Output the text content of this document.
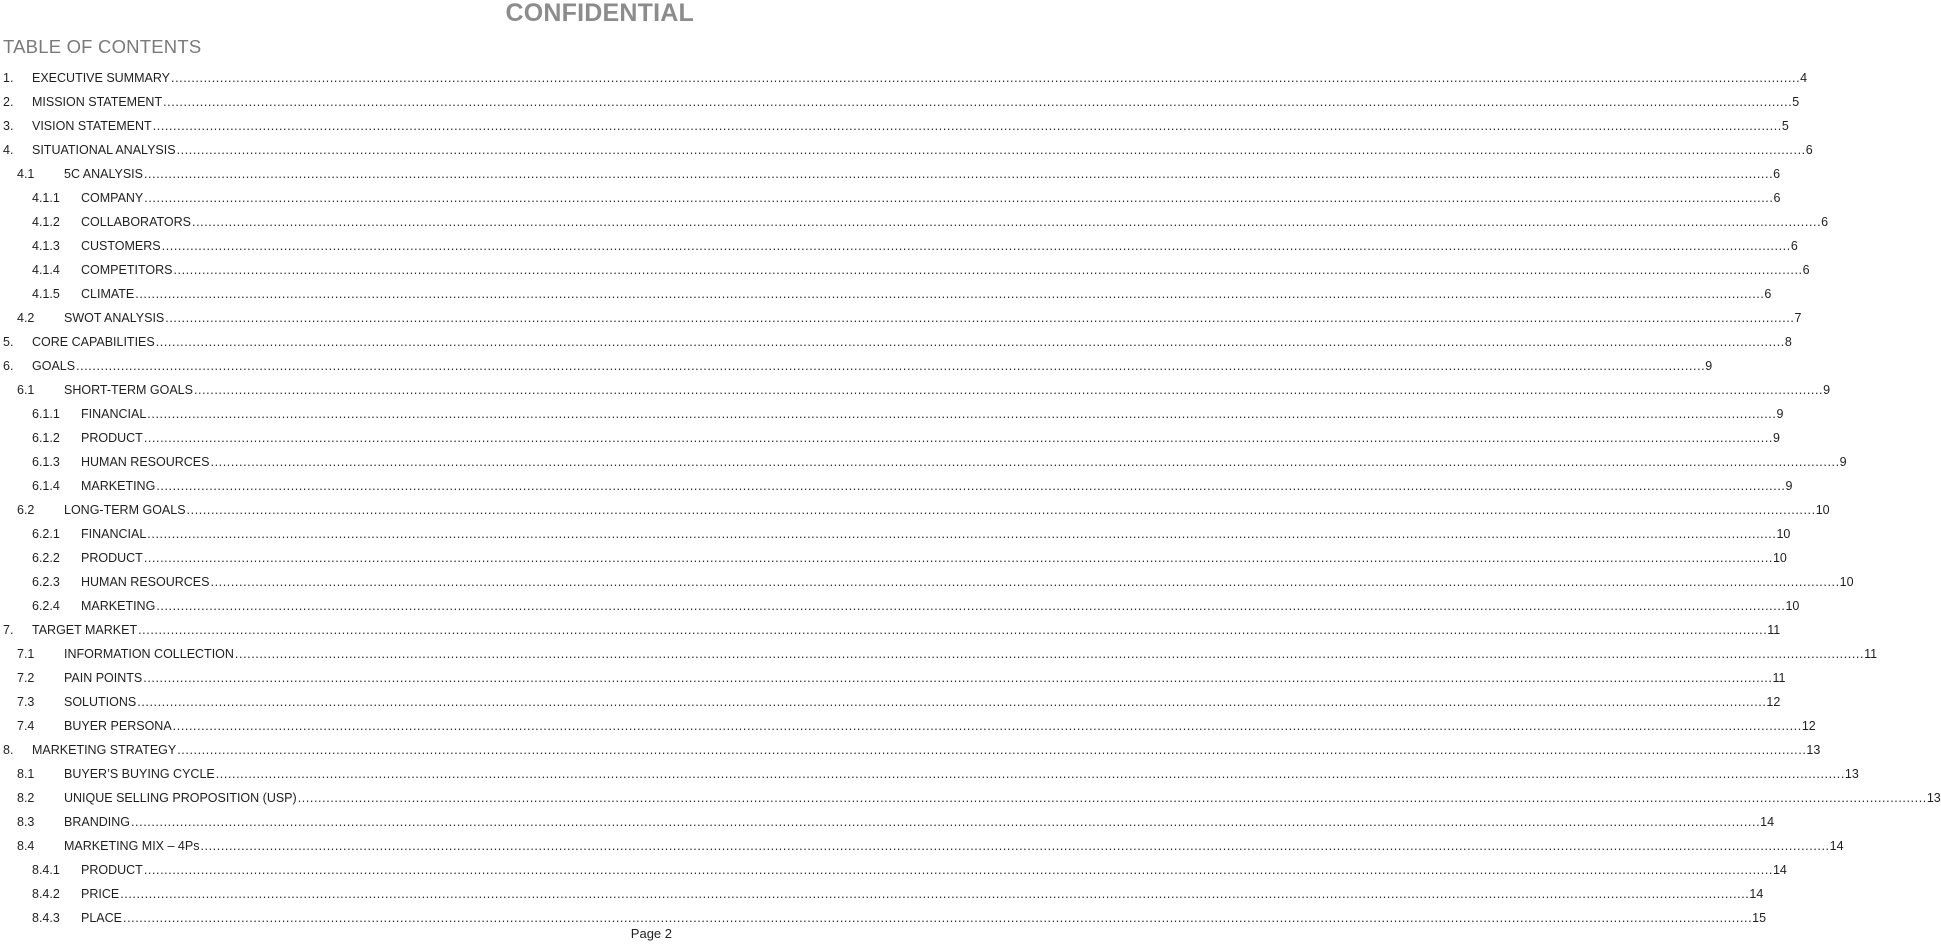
CONFIDENTIAL
TABLE OF CONTENTS
1. EXECUTIVE SUMMARY ................................................................................................................................................................................................................................................................................................................................................................................................................ 4
2. MISSION STATEMENT ................................................................................................................................................................................................................................................................................................................................................................................................................ 5
3. VISION STATEMENT ................................................................................................................................................................................................................................................................................................................................................................................................................ 5
4. SITUATIONAL ANALYSIS ................................................................................................................................................................................................................................................................................................................................................................................................................ 6
4.1 5C ANALYSIS ................................................................................................................................................................................................................................................................................................................................................................................................................ 6
4.1.1 COMPANY ................................................................................................................................................................................................................................................................................................................................................................................................................ 6
4.1.2 COLLABORATORS ................................................................................................................................................................................................................................................................................................................................................................................................................ 6
4.1.3 CUSTOMERS ................................................................................................................................................................................................................................................................................................................................................................................................................ 6
4.1.4 COMPETITORS ................................................................................................................................................................................................................................................................................................................................................................................................................ 6
4.1.5 CLIMATE ................................................................................................................................................................................................................................................................................................................................................................................................................ 6
4.2 SWOT ANALYSIS ................................................................................................................................................................................................................................................................................................................................................................................................................ 7
5. CORE CAPABILITIES ................................................................................................................................................................................................................................................................................................................................................................................................................ 8
6. GOALS ................................................................................................................................................................................................................................................................................................................................................................................................................ 9
6.1 SHORT-TERM GOALS ................................................................................................................................................................................................................................................................................................................................................................................................................ 9
6.1.1 FINANCIAL ................................................................................................................................................................................................................................................................................................................................................................................................................ 9
6.1.2 PRODUCT ................................................................................................................................................................................................................................................................................................................................................................................................................ 9
6.1.3 HUMAN RESOURCES ................................................................................................................................................................................................................................................................................................................................................................................................................ 9
6.1.4 MARKETING ................................................................................................................................................................................................................................................................................................................................................................................................................ 9
6.2 LONG-TERM GOALS ................................................................................................................................................................................................................................................................................................................................................................................................................ 10
6.2.1 FINANCIAL ................................................................................................................................................................................................................................................................................................................................................................................................................ 10
6.2.2 PRODUCT ................................................................................................................................................................................................................................................................................................................................................................................................................ 10
6.2.3 HUMAN RESOURCES ................................................................................................................................................................................................................................................................................................................................................................................................................ 10
6.2.4 MARKETING ................................................................................................................................................................................................................................................................................................................................................................................................................ 10
7. TARGET MARKET ................................................................................................................................................................................................................................................................................................................................................................................................................ 11
7.1 INFORMATION COLLECTION ................................................................................................................................................................................................................................................................................................................................................................................................................ 11
7.2 PAIN POINTS ................................................................................................................................................................................................................................................................................................................................................................................................................ 11
7.3 SOLUTIONS ................................................................................................................................................................................................................................................................................................................................................................................................................ 12
7.4 BUYER PERSONA ................................................................................................................................................................................................................................................................................................................................................................................................................ 12
8. MARKETING STRATEGY ................................................................................................................................................................................................................................................................................................................................................................................................................ 13
8.1 BUYER’S BUYING CYCLE ................................................................................................................................................................................................................................................................................................................................................................................................................ 13
8.2 UNIQUE SELLING PROPOSITION (USP) ................................................................................................................................................................................................................................................................................................................................................................................................................ 13
8.3 BRANDING ................................................................................................................................................................................................................................................................................................................................................................................................................ 14
8.4 MARKETING MIX – 4Ps ................................................................................................................................................................................................................................................................................................................................................................................................................ 14
8.4.1 PRODUCT ................................................................................................................................................................................................................................................................................................................................................................................................................ 14
8.4.2 PRICE ................................................................................................................................................................................................................................................................................................................................................................................................................ 14
8.4.3 PLACE ................................................................................................................................................................................................................................................................................................................................................................................................................ 15
Page 2
